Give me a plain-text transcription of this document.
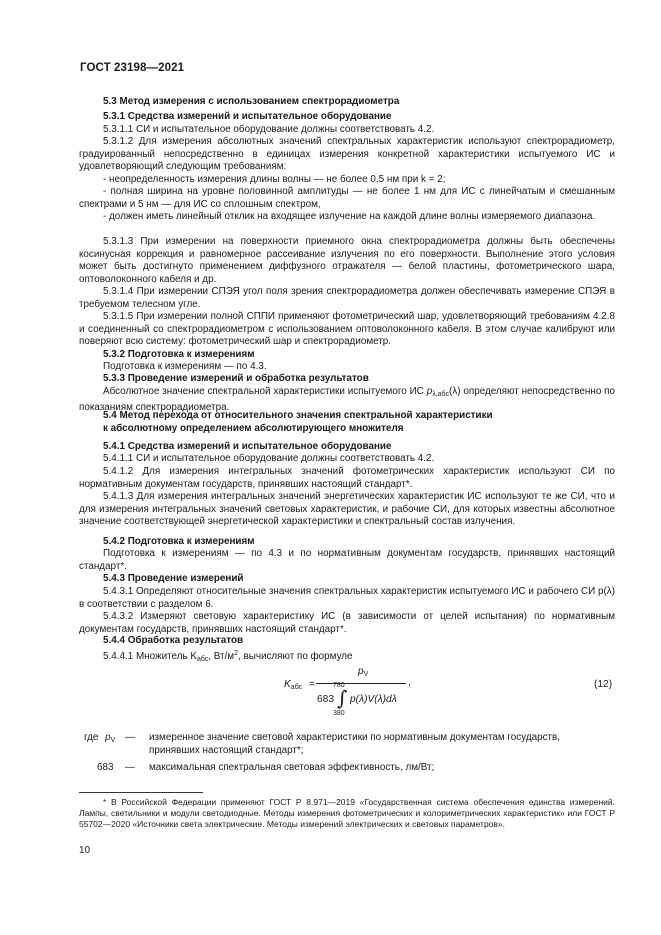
ГОСТ 23198—2021
5.3 Метод измерения с использованием спектрорадиометра
5.3.1 Средства измерений и испытательное оборудование
5.3.1.1 СИ и испытательное оборудование должны соответствовать 4.2.
5.3.1.2 Для измерения абсолютных значений спектральных характеристик используют спектрорадиометр, градуированный непосредственно в единицах измерения конкретной характеристики испытуемого ИС и удовлетворяющий следующим требованиям:
- неопределенность измерения длины волны — не более 0,5 нм при k = 2;
- полная ширина на уровне половинной амплитуды — не более 1 нм для ИС с линейчатым и смешанным спектрами и 5 нм — для ИС со сплошным спектром,
- должен иметь линейный отклик на входящее излучение на каждой длине волны измеряемого диапазона.
5.3.1.3 При измерении на поверхности приемного окна спектрорадиометра должны быть обеспечены косинусная коррекция и равномерное рассеивание излучения по его поверхности. Выполнение этого условия может быть достигнуто применением диффузного отражателя — белой пластины, фотометрического шара, оптоволоконного кабеля и др.
5.3.1.4 При измерении СПЭЯ угол поля зрения спектрорадиометра должен обеспечивать измерение СПЭЯ в требуемом телесном угле.
5.3.1.5 При измерении полной СППИ применяют фотометрический шар, удовлетворяющий требованиям 4.2.8 и соединенный со спектрорадиометром с использованием оптоволоконного кабеля. В этом случае калибруют или поверяют всю систему: фотометрический шар и спектрорадиометр.
5.3.2 Подготовка к измерениям
Подготовка к измерениям — по 4.3.
5.3.3 Проведение измерений и обработка результатов
Абсолютное значение спектральной характеристики испытуемого ИС $p_{\lambda,абс}(\lambda)$ определяют непосредственно по показаниям спектрорадиометра.
5.4 Метод перехода от относительного значения спектральной характеристики
к абсолютному определением абсолютирующего множителя
5.4.1 Средства измерений и испытательное оборудование
5.4.1.1 СИ и испытательное оборудование должны соответствовать 4.2.
5.4.1.2 Для измерения интегральных значений фотометрических характеристик используют СИ по нормативным документам государств, принявших настоящий стандарт*.
5.4.1.3 Для измерения интегральных значений энергетических характеристик ИС используют те же СИ, что и для измерения интегральных значений световых характеристик, и рабочие СИ, для которых известны абсолютное значение соответствующей энергетической характеристики и спектральный состав излучения.
5.4.2 Подготовка к измерениям
Подготовка к измерениям — по 4.3 и по нормативным документам государств, принявших настоящий стандарт*.
5.4.3 Проведение измерений
5.4.3.1 Определяют относительные значения спектральных характеристик испытуемого ИС и рабочего СИ p(λ) в соответствии с разделом 6.
5.4.3.2 Измеряют световую характеристику ИС (в зависимости от целей испытания) по нормативным документам государств, принявших настоящий стандарт*.
5.4.4 Обработка результатов
5.4.4.1 Множитель $K_{абс}$, $Вт/м^2$, вычисляют по формуле
$K_{абс}$ =
$p_V$
,
780
683 ∫ p(λ)V(λ)dλ
380
(12)
где $p_V$ — измеренное значение световой характеристики по нормативным документам государств,
принявших настоящий стандарт*;
683 — максимальная спектральная световая эффективность, лм/Вт;
* В Российской Федерации применяют ГОСТ Р 8.971—2019 «Государственная система обеспечения единства измерений. Лампы, светильники и модули светодиодные. Методы измерения фотометрических и колориметрических характеристик» или ГОСТ Р 55702—2020 «Источники света электрические. Методы измерений электрических и световых параметров».
10
